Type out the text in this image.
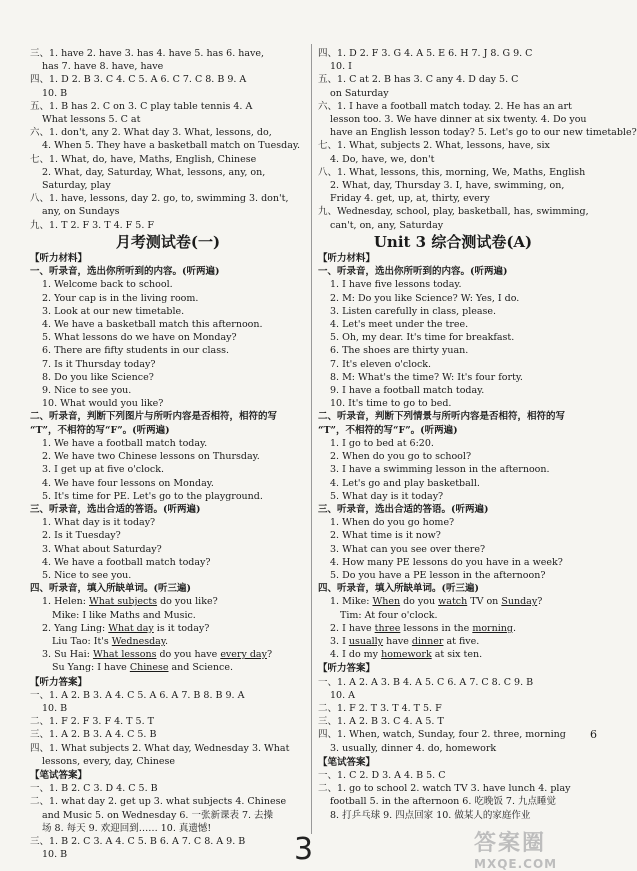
三、1. have 2. have 3. has 4. have 5. has 6. have,
has 7. have 8. have, have
四、1. D 2. B 3. C 4. C 5. A 6. C 7. C 8. B 9. A
10. B
五、1. B has 2. C on 3. C play table tennis 4. A
What lessons 5. C at
六、1. don't, any 2. What day 3. What, lessons, do,
4. When 5. They have a basketball match on Tuesday.
七、1. What, do, have, Maths, English, Chinese
2. What, day, Saturday, What, lessons, any, on,
Saturday, play
八、1. have, lessons, day 2. go, to, swimming 3. don't,
any, on Sundays
九、1. T 2. F 3. T 4. F 5. F
月考测试卷(一)
【听力材料】
一、听录音，选出你所听到的内容。(听两遍)
1. Welcome back to school.
2. Your cap is in the living room.
3. Look at our new timetable.
4. We have a basketball match this afternoon.
5. What lessons do we have on Monday?
6. There are fifty students in our class.
7. Is it Thursday today?
8. Do you like Science?
9. Nice to see you.
10. What would you like?
二、听录音，判断下列图片与所听内容是否相符，相符的写
“T”，不相符的写“F”。(听两遍)
1. We have a football match today.
2. We have two Chinese lessons on Thursday.
3. I get up at five o'clock.
4. We have four lessons on Monday.
5. It's time for PE. Let's go to the playground.
三、听录音，选出合适的答语。(听两遍)
1. What day is it today?
2. Is it Tuesday?
3. What about Saturday?
4. We have a football match today?
5. Nice to see you.
四、听录音，填入所缺单词。(听三遍)
1. Helen: What subjects do you like?
Mike: I like Maths and Music.
2. Yang Ling: What day is it today?
Liu Tao: It's Wednesday.
3. Su Hai: What lessons do you have every day?
Su Yang: I have Chinese and Science.
【听力答案】
一、1. A 2. B 3. A 4. C 5. A 6. A 7. B 8. B 9. A
10. B
二、1. F 2. F 3. F 4. T 5. T
三、1. A 2. B 3. A 4. C 5. B
四、1. What subjects 2. What day, Wednesday 3. What
lessons, every, day, Chinese
【笔试答案】
一、1. B 2. C 3. D 4. C 5. B
二、1. what day 2. get up 3. what subjects 4. Chinese
and Music 5. on Wednesday 6. 一张新课表 7. 去操
场 8. 每天 9. 欢迎回到…… 10. 真遗憾!
三、1. B 2. C 3. A 4. C 5. B 6. A 7. C 8. A 9. B
10. B
四、1. D 2. F 3. G 4. A 5. E 6. H 7. J 8. G 9. C
10. I
五、1. C at 2. B has 3. C any 4. D day 5. C
on Saturday
六、1. I have a football match today. 2. He has an art
lesson too. 3. We have dinner at six twenty. 4. Do you
have an English lesson today? 5. Let's go to our new timetable?
七、1. What, subjects 2. What, lessons, have, six
4. Do, have, we, don't
八、1. What, lessons, this, morning, We, Maths, English
2. What, day, Thursday 3. I, have, swimming, on,
Friday 4. get, up, at, thirty, every
九、Wednesday, school, play, basketball, has, swimming,
can't, on, any, Saturday
Unit 3 综合测试卷(A)
【听力材料】
一、听录音，选出你所听到的内容。(听两遍)
1. I have five lessons today.
2. M: Do you like Science? W: Yes, I do.
3. Listen carefully in class, please.
4. Let's meet under the tree.
5. Oh, my dear. It's time for breakfast.
6. The shoes are thirty yuan.
7. It's eleven o'clock.
8. M: What's the time? W: It's four forty.
9. I have a football match today.
10. It's time to go to bed.
二、听录音，判断下列情景与所听内容是否相符，相符的写
“T”，不相符的写“F”。(听两遍)
1. I go to bed at 6:20.
2. When do you go to school?
3. I have a swimming lesson in the afternoon.
4. Let's go and play basketball.
5. What day is it today?
三、听录音，选出合适的答语。(听两遍)
1. When do you go home?
2. What time is it now?
3. What can you see over there?
4. How many PE lessons do you have in a week?
5. Do you have a PE lesson in the afternoon?
四、听录音，填入所缺单词。(听三遍)
1. Mike: When do you watch TV on Sunday?
Tim: At four o'clock.
2. I have three lessons in the morning.
3. I usually have dinner at five.
4. I do my homework at six ten.
【听力答案】
一、1. A 2. A 3. B 4. A 5. C 6. A 7. C 8. C 9. B
10. A
二、1. F 2. T 3. T 4. T 5. F
三、1. A 2. B 3. C 4. A 5. T
四、1. When, watch, Sunday, four 2. three, morning
3. usually, dinner 4. do, homework
【笔试答案】
一、1. C 2. D 3. A 4. B 5. C
二、1. go to school 2. watch TV 3. have lunch 4. play
football 5. in the afternoon 6. 吃晚饭 7. 九点睡觉
8. 打乒乓球 9. 四点回家 10. 做某人的家庭作业
6
3	答案圈
MXQE.COM
